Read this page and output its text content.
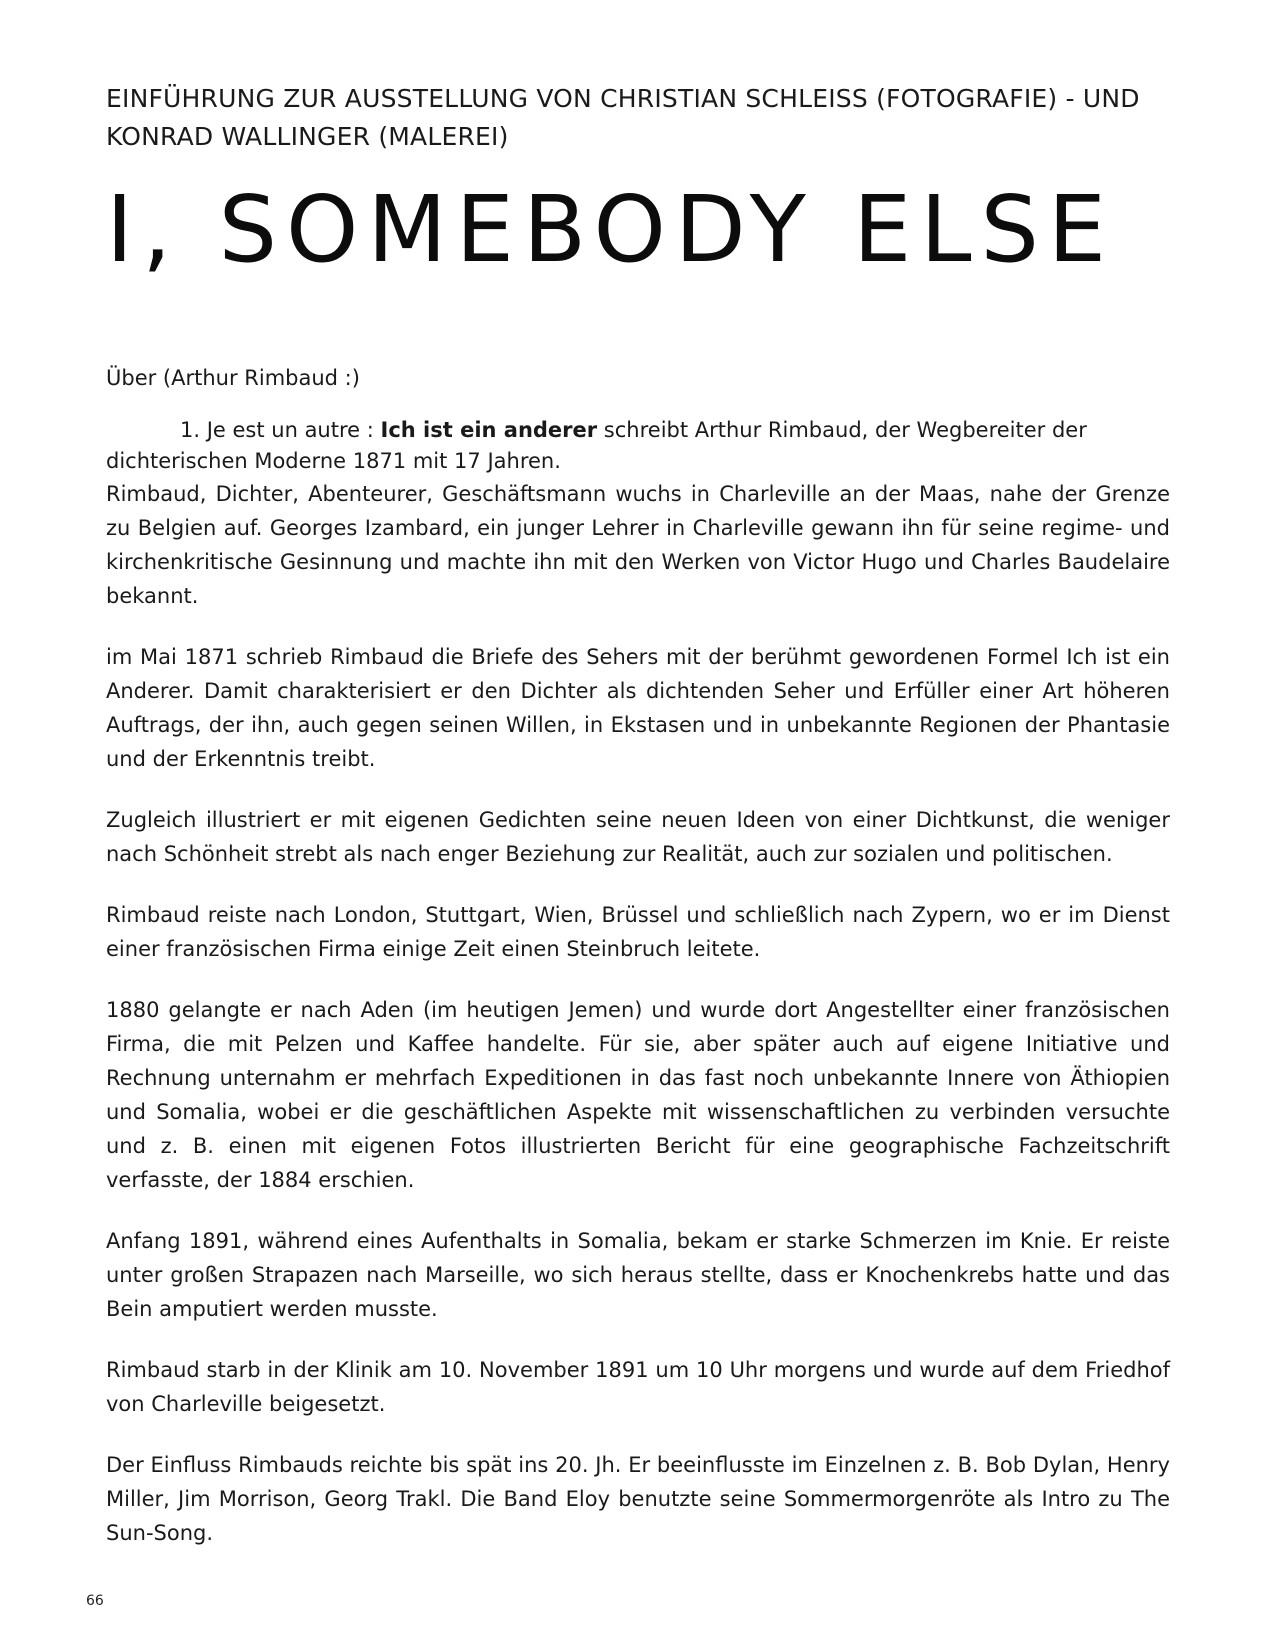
EINFÜHRUNG ZUR AUSSTELLUNG VON CHRISTIAN SCHLEISS (FOTOGRAFIE) - UND KONRAD WALLINGER (MALEREI)

I, SOMEBODY ELSE
Über (Arthur Rimbaud :)
1. Je est un autre : Ich ist ein anderer schreibt Arthur Rimbaud, der Wegbereiter der dichterischen Moderne 1871 mit 17 Jahren.

Rimbaud, Dichter, Abenteurer, Geschäftsmann wuchs in Charleville an der Maas, nahe der Grenze zu Belgien auf. Georges Izambard, ein junger Lehrer in Charleville gewann ihn für seine regime- und kirchenkritische Gesinnung und machte ihn mit den Werken von Victor Hugo und Charles Baudelaire bekannt.

im Mai 1871 schrieb Rimbaud die Briefe des Sehers mit der berühmt gewordenen Formel Ich ist ein Anderer. Damit charakterisiert er den Dichter als dichtenden Seher und Erfüller einer Art höheren Auftrags, der ihn, auch gegen seinen Willen, in Ekstasen und in unbekannte Regionen der Phantasie und der Erkenntnis treibt.

Zugleich illustriert er mit eigenen Gedichten seine neuen Ideen von einer Dichtkunst, die weniger nach Schönheit strebt als nach enger Beziehung zur Realität, auch zur sozialen und politischen.

Rimbaud reiste nach London, Stuttgart, Wien, Brüssel und schließlich nach Zypern, wo er im Dienst einer französischen Firma einige Zeit einen Steinbruch leitete.

1880 gelangte er nach Aden (im heutigen Jemen) und wurde dort Angestellter einer französischen Firma, die mit Pelzen und Kaffee handelte. Für sie, aber später auch auf eigene Initiative und Rechnung unternahm er mehrfach Expeditionen in das fast noch unbekannte Innere von Äthiopien und Somalia, wobei er die geschäftlichen Aspekte mit wissenschaftlichen zu verbinden versuchte und z. B. einen mit eigenen Fotos illustrierten Bericht für eine geographische Fachzeitschrift verfasste, der 1884 erschien.

Anfang 1891, während eines Aufenthalts in Somalia, bekam er starke Schmerzen im Knie. Er reiste unter großen Strapazen nach Marseille, wo sich heraus stellte, dass er Knochenkrebs hatte und das Bein amputiert werden musste.

Rimbaud starb in der Klinik am 10. November 1891 um 10 Uhr morgens und wurde auf dem Friedhof von Charleville beigesetzt.

Der Einfluss Rimbauds reichte bis spät ins 20. Jh. Er beeinflusste im Einzelnen z. B. Bob Dylan, Henry Miller, Jim Morrison, Georg Trakl. Die Band Eloy benutzte seine Sommermorgenröte als Intro zu The Sun-Song.

66
